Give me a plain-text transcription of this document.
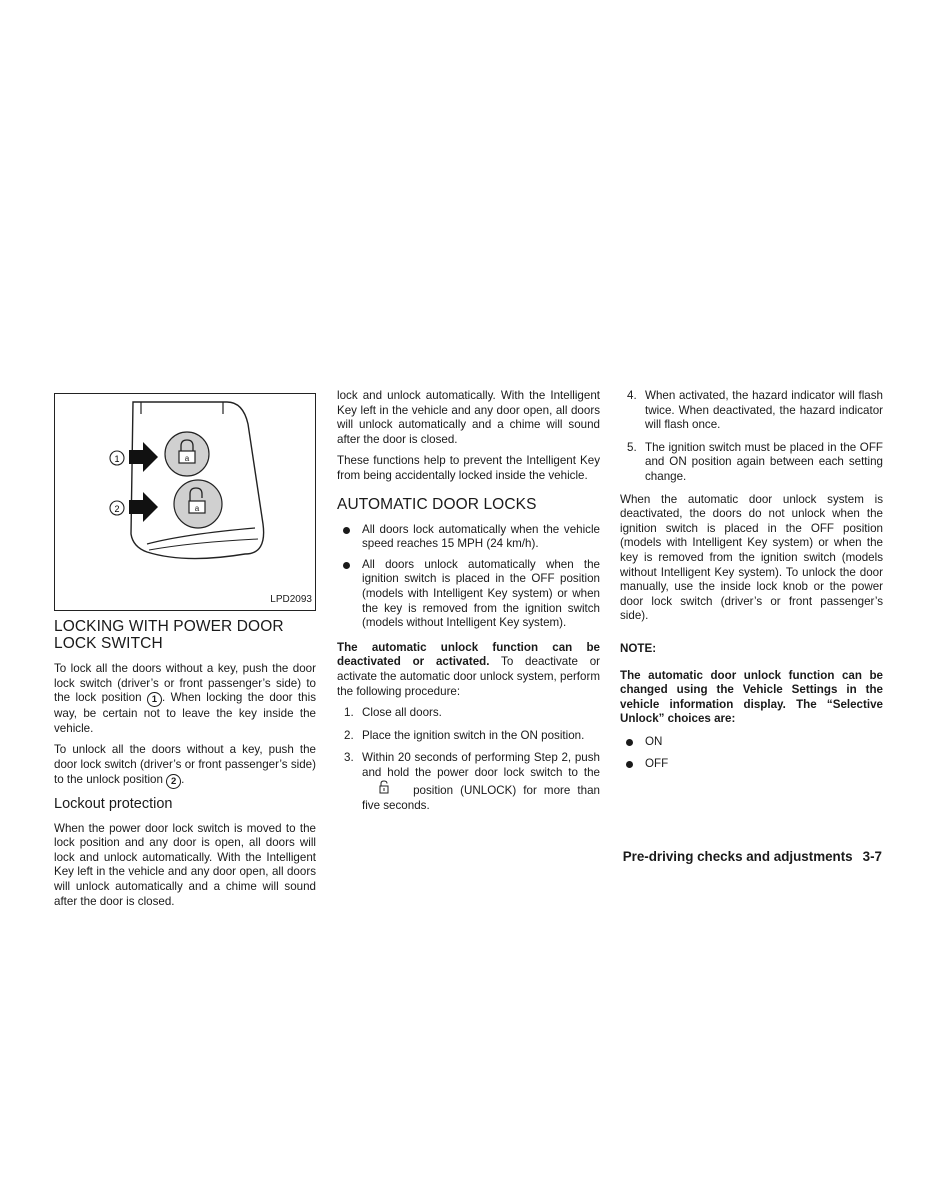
a
a
1
2
LPD2093
LOCKING WITH POWER DOOR LOCK SWITCH

To lock all the doors without a key, push the door lock switch (driver’s or front passenger’s side) to the lock position 1 . When locking the door this way, be certain not to leave the key inside the vehicle.

To unlock all the doors without a key, push the door lock switch (driver’s or front passenger’s side) to the unlock position 2 .

Lockout protection

When the power door lock switch is moved to the lock position and any door is open, all doors will lock and unlock automatically. With the Intelligent Key left in the vehicle and any door open, all doors will unlock automatically and a chime will sound after the door is closed.

lock and unlock automatically. With the Intelligent Key left in the vehicle and any door open, all doors will unlock automatically and a chime will sound after the door is closed.

These functions help to prevent the Intelligent Key from being accidentally locked inside the vehicle.

AUTOMATIC DOOR LOCKS
All doors lock automatically when the vehicle speed reaches 15 MPH (24 km/h).
All doors unlock automatically when the ignition switch is placed in the OFF position (models with Intelligent Key system) or when the key is removed from the ignition switch (models without Intelligent Key system).

The automatic unlock function can be deactivated or activated. To deactivate or activate the automatic door unlock system, perform the following procedure:

1. Close all doors.
2. Place the ignition switch in the ON position.
3. Within 20 seconds of performing Step 2, push and hold the power door lock switch to the  position (UNLOCK) for more than five seconds.
4. When activated, the hazard indicator will flash twice. When deactivated, the hazard indicator will flash once.
5. The ignition switch must be placed in the OFF and ON position again between each setting change.

When the automatic door unlock system is deactivated, the doors do not unlock when the ignition switch is placed in the OFF position (models with Intelligent Key system) or when the key is removed from the ignition switch (models without Intelligent Key system). To unlock the door manually, use the inside lock knob or the power door lock switch (driver’s or front passenger’s side).

NOTE:

The automatic door unlock function can be changed using the Vehicle Settings in the vehicle information display. The “Selective Unlock” choices are:

ON
OFF
Pre-driving checks and adjustments 3-7
